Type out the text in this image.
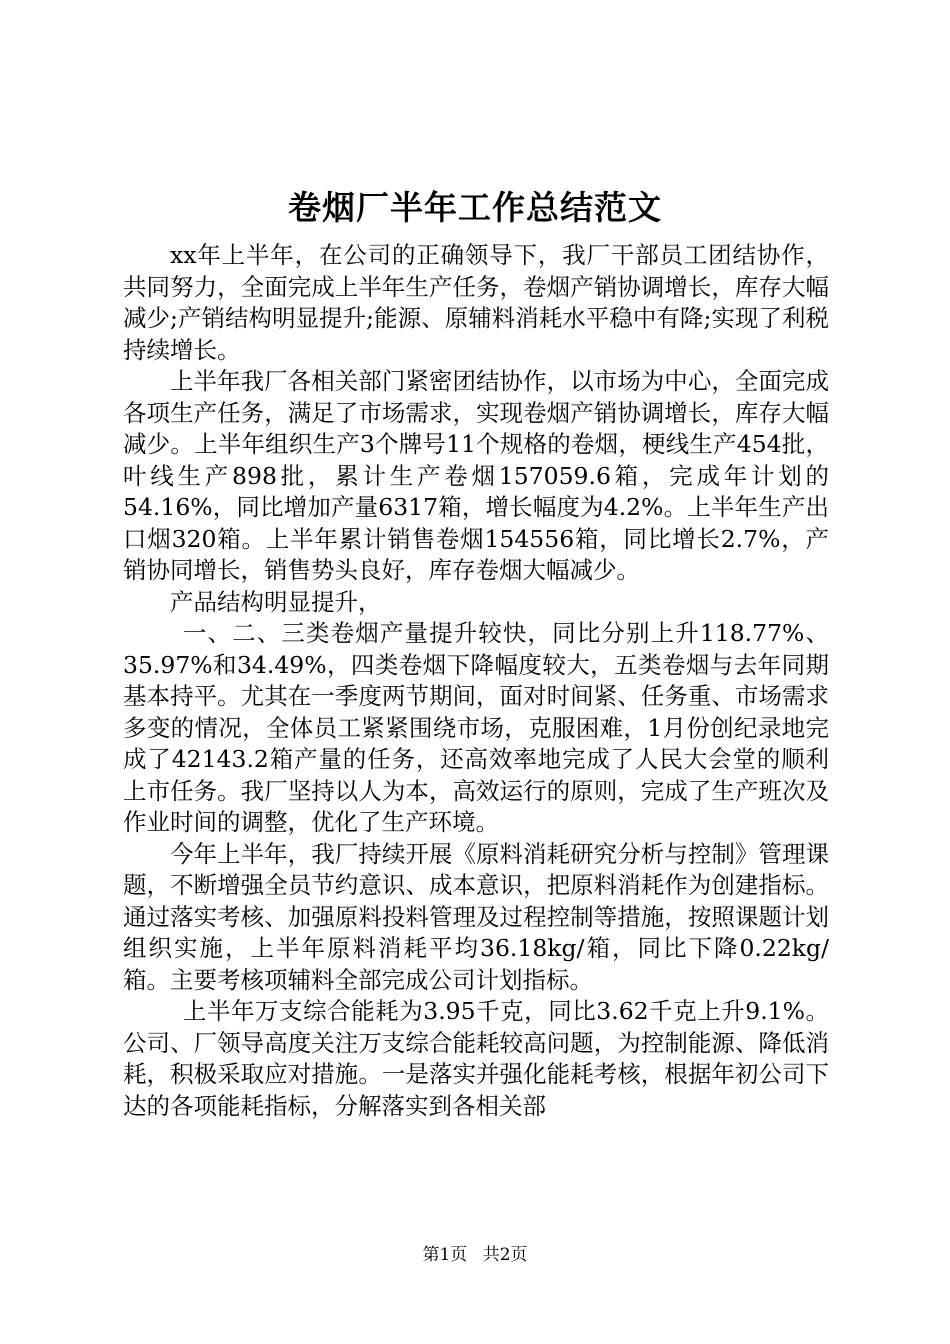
卷烟厂半年工作总结范文

xx年上半年，在公司的正确领导下，我厂干部员工团结协作，共同努力，全面完成上半年生产任务，卷烟产销协调增长，库存大幅减少;产销结构明显提升;能源、原辅料消耗水平稳中有降;实现了利税持续增长。

上半年我厂各相关部门紧密团结协作，以市场为中心，全面完成各项生产任务，满足了市场需求，实现卷烟产销协调增长，库存大幅减少。上半年组织生产3个牌号11个规格的卷烟，梗线生产454批，叶线生产898批，累计生产卷烟157059.6箱，完成年计划的54.16%，同比增加产量6317箱，增长幅度为4.2%。上半年生产出口烟320箱。上半年累计销售卷烟154556箱，同比增长2.7%，产销协同增长，销售势头良好，库存卷烟大幅减少。

产品结构明显提升，

一、二、三类卷烟产量提升较快，同比分别上升118.77%、35.97%和34.49%，四类卷烟下降幅度较大，五类卷烟与去年同期基本持平。尤其在一季度两节期间，面对时间紧、任务重、市场需求多变的情况，全体员工紧紧围绕市场，克服困难，1月份创纪录地完成了42143.2箱产量的任务，还高效率地完成了人民大会堂的顺利上市任务。我厂坚持以人为本，高效运行的原则，完成了生产班次及作业时间的调整，优化了生产环境。

今年上半年，我厂持续开展《原料消耗研究分析与控制》管理课题，不断增强全员节约意识、成本意识，把原料消耗作为创建指标。通过落实考核、加强原料投料管理及过程控制等措施，按照课题计划组织实施，上半年原料消耗平均36.18kg/箱，同比下降0.22kg/箱。主要考核项辅料全部完成公司计划指标。

上半年万支综合能耗为3.95千克，同比3.62千克上升9.1%。公司、厂领导高度关注万支综合能耗较高问题，为控制能源、降低消耗，积极采取应对措施。一是落实并强化能耗考核，根据年初公司下达的各项能耗指标，分解落实到各相关部

第1页 共2页
